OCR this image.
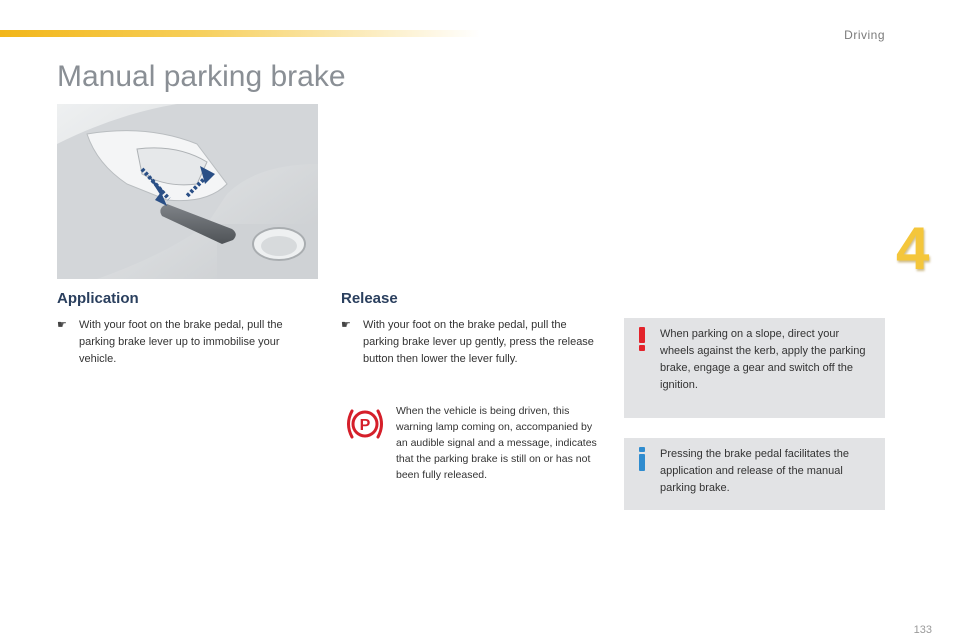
Driving
Manual parking brake
4
Application
☛	With your foot on the brake pedal, pull the parking brake lever up to immobilise your vehicle.
Release
☛	With your foot on the brake pedal, pull the parking brake lever up gently, press the release button then lower the lever fully.
P
When the vehicle is being driven, this warning lamp coming on, accompanied by an audible signal and a message, indicates that the parking brake is still on or has not been fully released.
When parking on a slope, direct your wheels against the kerb, apply the parking brake, engage a gear and switch off the ignition.
Pressing the brake pedal facilitates the application and release of the manual parking brake.
133
